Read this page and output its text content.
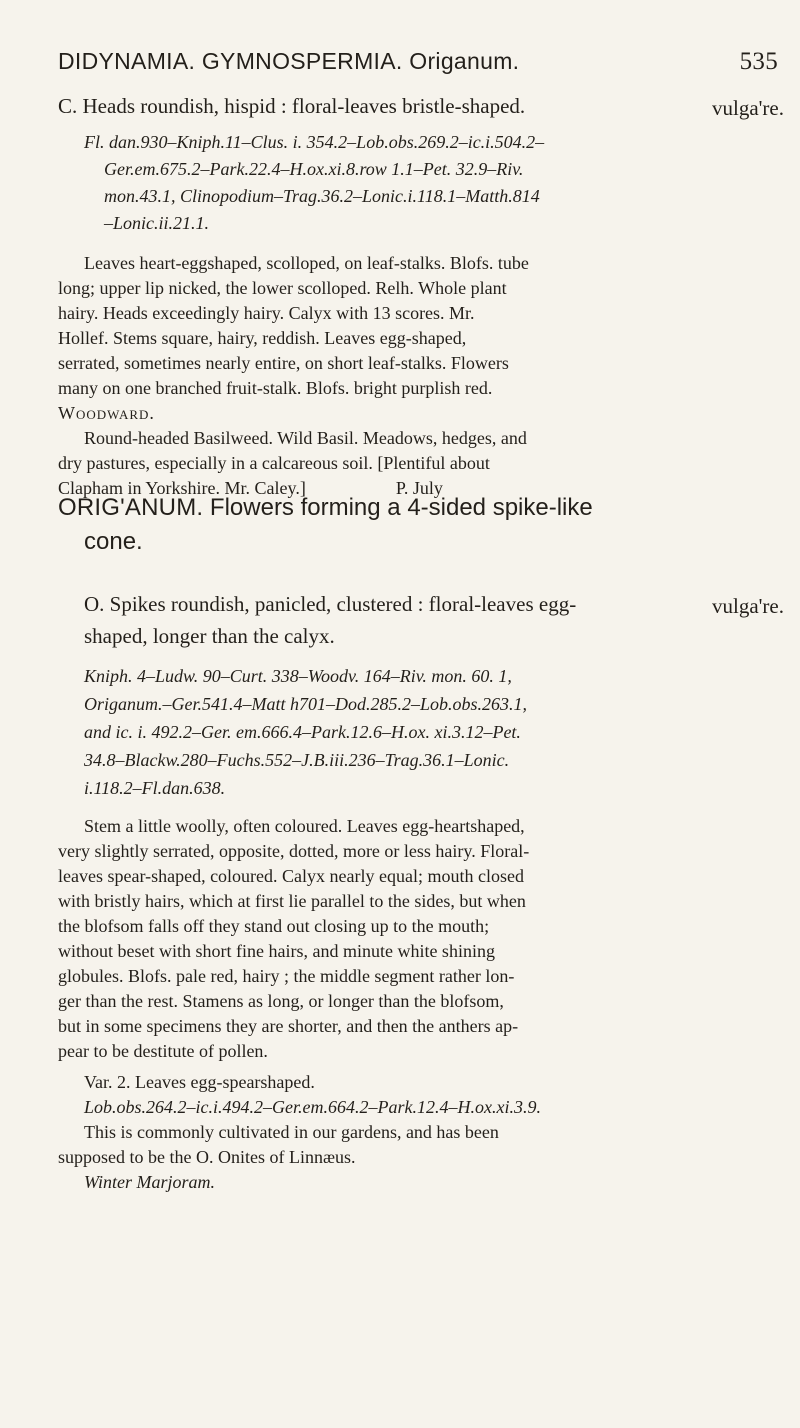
DIDYNAMIA. GYMNOSPERMIA. Origanum.	535
vulga're.
C. Heads roundish, hispid : floral-leaves bristle-shaped.
Fl. dan.930–Kniph.11–Clus. i. 354.2–Lob.obs.269.2–ic.i.504.2–
Ger.em.675.2–Park.22.4–H.ox.xi.8.row 1.1–Pet. 32.9–Riv.
mon.43.1, Clinopodium–Trag.36.2–Lonic.i.118.1–Matth.814
–Lonic.ii.21.1.
Leaves heart-eggshaped, scolloped, on leaf-stalks. Blofs. tube
long; upper lip nicked, the lower scolloped. Relh. Whole plant
hairy. Heads exceedingly hairy. Calyx with 13 scores. Mr.
Hollef. Stems square, hairy, reddish. Leaves egg-shaped,
serrated, sometimes nearly entire, on short leaf-stalks. Flowers
many on one branched fruit-stalk. Blofs. bright purplish red.
Woodward.
Round-headed Basilweed. Wild Basil. Meadows, hedges, and
dry pastures, especially in a calcareous soil. [Plentiful about
Clapham in Yorkshire. Mr. Caley.]                    P. July
ORIG'ANUM. Flowers forming a 4-sided spike-like
cone.
vulga're.
O. Spikes roundish, panicled, clustered : floral-leaves egg-
shaped, longer than the calyx.
Kniph. 4–Ludw. 90–Curt. 338–Woodv. 164–Riv. mon. 60. 1,
Origanum.–Ger.541.4–Matt h701–Dod.285.2–Lob.obs.263.1,
and ic. i. 492.2–Ger. em.666.4–Park.12.6–H.ox. xi.3.12–Pet.
34.8–Blackw.280–Fuchs.552–J.B.iii.236–Trag.36.1–Lonic.
i.118.2–Fl.dan.638.
Stem a little woolly, often coloured. Leaves egg-heartshaped,
very slightly serrated, opposite, dotted, more or less hairy. Floral-
leaves spear-shaped, coloured. Calyx nearly equal; mouth closed
with bristly hairs, which at first lie parallel to the sides, but when
the blofsom falls off they stand out closing up to the mouth;
without beset with short fine hairs, and minute white shining
globules. Blofs. pale red, hairy ; the middle segment rather lon-
ger than the rest. Stamens as long, or longer than the blofsom,
but in some specimens they are shorter, and then the anthers ap-
pear to be destitute of pollen.
Var. 2. Leaves egg-spearshaped.
Lob.obs.264.2–ic.i.494.2–Ger.em.664.2–Park.12.4–H.ox.xi.3.9.
This is commonly cultivated in our gardens, and has been
supposed to be the O. Onites of Linnæus.
Winter Marjoram.
